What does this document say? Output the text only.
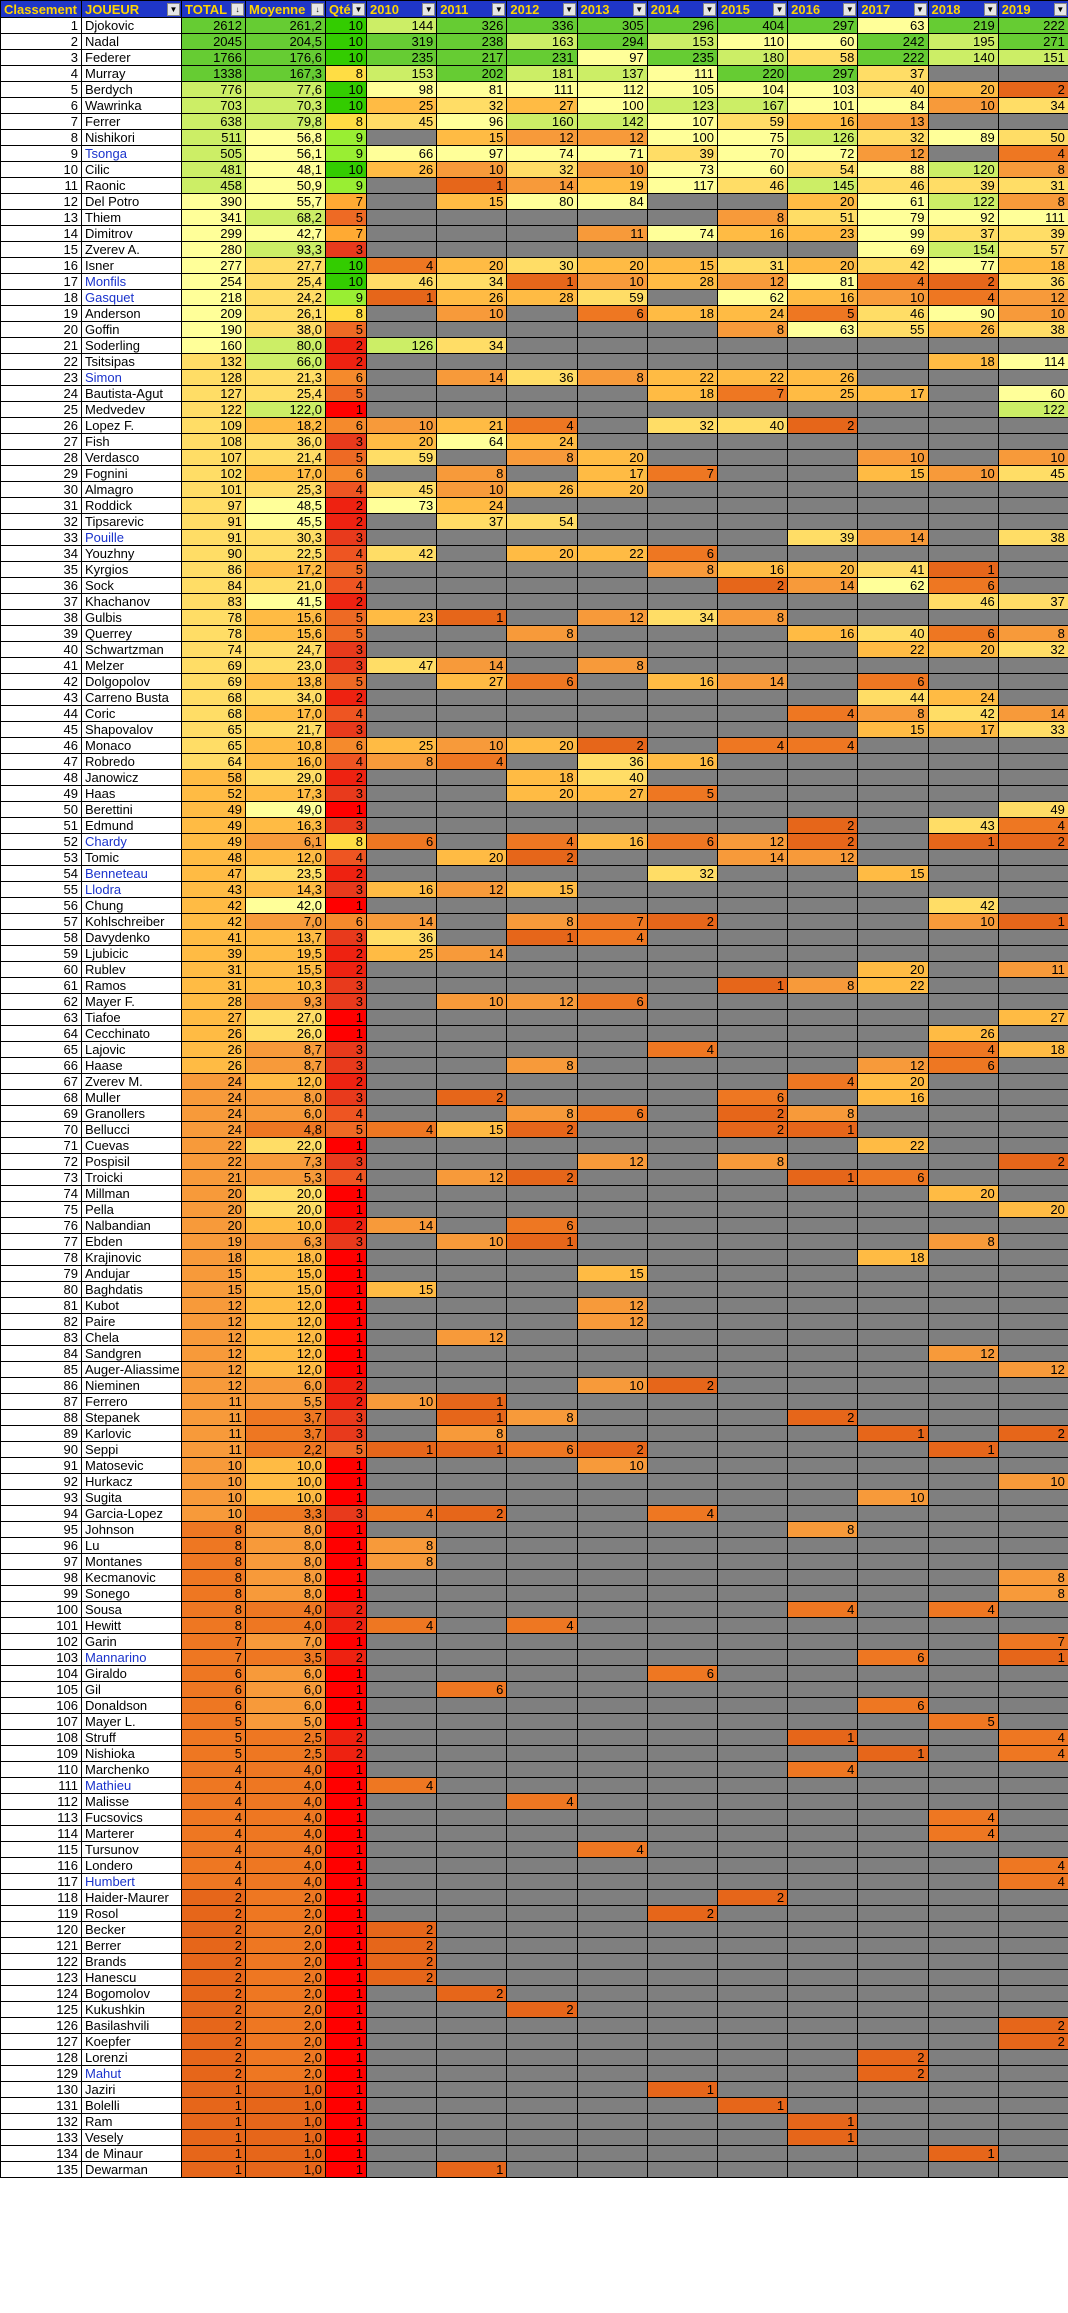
Classement	JOUEUR ▼	TOTAL ↓	Moyenne ↓	Qté ▼	2010 ▼	2011 ▼	2012 ▼	2013 ▼	2014 ▼	2015 ▼	2016 ▼	2017 ▼	2018 ▼	2019 ▼

1	Djokovic	2612	261,2	10	144	326	336	305	296	404	297	63	219	222
2	Nadal	2045	204,5	10	319	238	163	294	153	110	60	242	195	271
3	Federer	1766	176,6	10	235	217	231	97	235	180	58	222	140	151
4	Murray	1338	167,3	8	153	202	181	137	111	220	297	37		
5	Berdych	776	77,6	10	98	81	111	112	105	104	103	40	20	2
6	Wawrinka	703	70,3	10	25	32	27	100	123	167	101	84	10	34
7	Ferrer	638	79,8	8	45	96	160	142	107	59	16	13		
8	Nishikori	511	56,8	9		15	12	12	100	75	126	32	89	50
9	Tsonga	505	56,1	9	66	97	74	71	39	70	72	12		4
10	Cilic	481	48,1	10	26	10	32	10	73	60	54	88	120	8
11	Raonic	458	50,9	9		1	14	19	117	46	145	46	39	31
12	Del Potro	390	55,7	7		15	80	84			20	61	122	8
13	Thiem	341	68,2	5						8	51	79	92	111
14	Dimitrov	299	42,7	7				11	74	16	23	99	37	39
15	Zverev A.	280	93,3	3								69	154	57
16	Isner	277	27,7	10	4	20	30	20	15	31	20	42	77	18
17	Monfils	254	25,4	10	46	34	1	10	28	12	81	4	2	36
18	Gasquet	218	24,2	9	1	26	28	59		62	16	10	4	12
19	Anderson	209	26,1	8		10		6	18	24	5	46	90	10
20	Goffin	190	38,0	5						8	63	55	26	38
21	Soderling	160	80,0	2	126	34								
22	Tsitsipas	132	66,0	2									18	114
23	Simon	128	21,3	6		14	36	8	22	22	26			
24	Bautista-Agut	127	25,4	5					18	7	25	17		60
25	Medvedev	122	122,0	1										122
26	Lopez F.	109	18,2	6	10	21	4		32	40	2			
27	Fish	108	36,0	3	20	64	24							
28	Verdasco	107	21,4	5	59		8	20				10		10
29	Fognini	102	17,0	6		8		17	7			15	10	45
30	Almagro	101	25,3	4	45	10	26	20						
31	Roddick	97	48,5	2	73	24								
32	Tipsarevic	91	45,5	2		37	54							
33	Pouille	91	30,3	3							39	14		38
34	Youzhny	90	22,5	4	42		20	22	6					
35	Kyrgios	86	17,2	5					8	16	20	41	1	
36	Sock	84	21,0	4						2	14	62	6	
37	Khachanov	83	41,5	2									46	37
38	Gulbis	78	15,6	5	23	1		12	34	8				
39	Querrey	78	15,6	5			8				16	40	6	8
40	Schwartzman	74	24,7	3								22	20	32
41	Melzer	69	23,0	3	47	14		8						
42	Dolgopolov	69	13,8	5		27	6		16	14		6		
43	Carreno Busta	68	34,0	2								44	24	
44	Coric	68	17,0	4							4	8	42	14
45	Shapovalov	65	21,7	3								15	17	33
46	Monaco	65	10,8	6	25	10	20	2		4	4			
47	Robredo	64	16,0	4	8	4		36	16					
48	Janowicz	58	29,0	2			18	40						
49	Haas	52	17,3	3			20	27	5					
50	Berettini	49	49,0	1										49
51	Edmund	49	16,3	3							2		43	4
52	Chardy	49	6,1	8	6		4	16	6	12	2		1	2
53	Tomic	48	12,0	4		20	2			14	12			
54	Benneteau	47	23,5	2					32			15		
55	Llodra	43	14,3	3	16	12	15							
56	Chung	42	42,0	1									42	
57	Kohlschreiber	42	7,0	6	14		8	7	2				10	1
58	Davydenko	41	13,7	3	36		1	4						
59	Ljubicic	39	19,5	2	25	14								
60	Rublev	31	15,5	2								20		11
61	Ramos	31	10,3	3						1	8	22		
62	Mayer F.	28	9,3	3		10	12	6						
63	Tiafoe	27	27,0	1										27
64	Cecchinato	26	26,0	1									26	
65	Lajovic	26	8,7	3					4				4	18
66	Haase	26	8,7	3			8					12	6	
67	Zverev M.	24	12,0	2							4	20		
68	Muller	24	8,0	3		2				6		16		
69	Granollers	24	6,0	4			8	6		2	8			
70	Bellucci	24	4,8	5	4	15	2			2	1			
71	Cuevas	22	22,0	1								22		
72	Pospisil	22	7,3	3				12		8				2
73	Troicki	21	5,3	4		12	2				1	6		
74	Millman	20	20,0	1									20	
75	Pella	20	20,0	1										20
76	Nalbandian	20	10,0	2	14		6							
77	Ebden	19	6,3	3		10	1						8	
78	Krajinovic	18	18,0	1								18		
79	Andujar	15	15,0	1				15						
80	Baghdatis	15	15,0	1	15									
81	Kubot	12	12,0	1				12						
82	Paire	12	12,0	1				12						
83	Chela	12	12,0	1		12								
84	Sandgren	12	12,0	1									12	
85	Auger-Aliassime	12	12,0	1										12
86	Nieminen	12	6,0	2				10	2					
87	Ferrero	11	5,5	2	10	1								
88	Stepanek	11	3,7	3		1	8				2			
89	Karlovic	11	3,7	3		8						1		2
90	Seppi	11	2,2	5	1	1	6	2					1	
91	Matosevic	10	10,0	1				10						
92	Hurkacz	10	10,0	1										10
93	Sugita	10	10,0	1								10		
94	Garcia-Lopez	10	3,3	3	4	2			4					
95	Johnson	8	8,0	1							8			
96	Lu	8	8,0	1	8									
97	Montanes	8	8,0	1	8									
98	Kecmanovic	8	8,0	1										8
99	Sonego	8	8,0	1										8
100	Sousa	8	4,0	2							4		4	
101	Hewitt	8	4,0	2	4		4							
102	Garin	7	7,0	1										7
103	Mannarino	7	3,5	2								6		1
104	Giraldo	6	6,0	1					6					
105	Gil	6	6,0	1		6								
106	Donaldson	6	6,0	1								6		
107	Mayer L.	5	5,0	1									5	
108	Struff	5	2,5	2							1			4
109	Nishioka	5	2,5	2								1		4
110	Marchenko	4	4,0	1							4			
111	Mathieu	4	4,0	1	4									
112	Malisse	4	4,0	1			4							
113	Fucsovics	4	4,0	1									4	
114	Marterer	4	4,0	1									4	
115	Tursunov	4	4,0	1				4						
116	Londero	4	4,0	1										4
117	Humbert	4	4,0	1										4
118	Haider-Maurer	2	2,0	1						2				
119	Rosol	2	2,0	1					2					
120	Becker	2	2,0	1	2									
121	Berrer	2	2,0	1	2									
122	Brands	2	2,0	1	2									
123	Hanescu	2	2,0	1	2									
124	Bogomolov	2	2,0	1		2								
125	Kukushkin	2	2,0	1			2							
126	Basilashvili	2	2,0	1										2
127	Koepfer	2	2,0	1										2
128	Lorenzi	2	2,0	1								2		
129	Mahut	2	2,0	1								2		
130	Jaziri	1	1,0	1					1					
131	Bolelli	1	1,0	1						1				
132	Ram	1	1,0	1							1			
133	Vesely	1	1,0	1							1			
134	de Minaur	1	1,0	1									1	
135	Dewarman	1	1,0	1		1								
